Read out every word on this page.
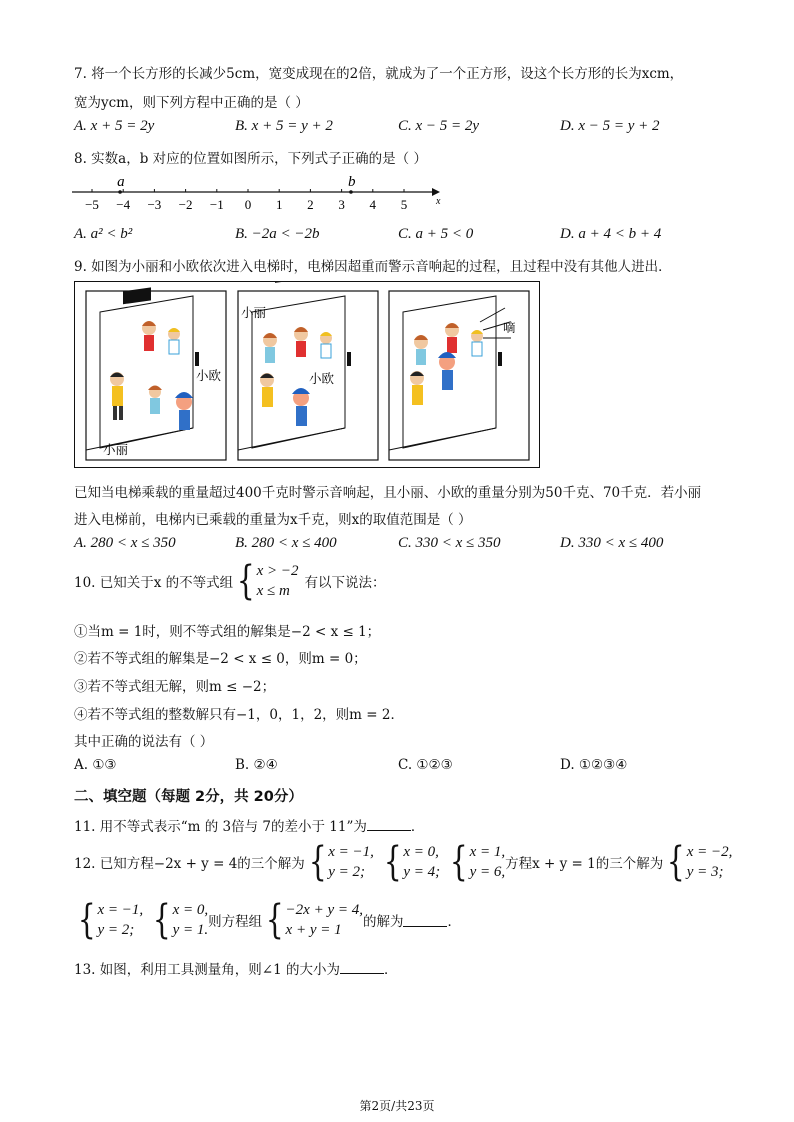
7. 将一个长方形的长减少5cm，宽变成现在的2倍，就成为了一个正方形，设这个长方形的长为xcm，
宽为ycm，则下列方程中正确的是（ ）
A. x + 5 = 2y	B. x + 5 = y + 2	C. x − 5 = 2y	D. x − 5 = y + 2
8. 实数a，b 对应的位置如图所示，下列式子正确的是（ ）
−5 −4 −3 −2 −1 0 1 2 3 4 5	x
a	b
A. a² < b²	B. −2a < −2b	C. a + 5 < 0	D. a + 4 < b + 4
9. 如图为小丽和小欧依次进入电梯时，电梯因超重而警示音响起的过程，且过程中没有其他人进出．
小欧
小丽
小丽
小欧
嘀
已知当电梯乘载的重量超过400千克时警示音响起，且小丽、小欧的重量分别为50千克、70千克．若小丽
进入电梯前，电梯内已乘载的重量为x千克，则x的取值范围是（ ）
A. 280 < x ≤ 350	B. 280 < x ≤ 400	C. 330 < x ≤ 350	D. 330 < x ≤ 400
10. 已知关于x 的不等式组 { x > −2
x ≤ m	有以下说法：
①当m = 1时，则不等式组的解集是−2 < x ≤ 1；
②若不等式组的解集是−2 < x ≤ 0，则m = 0；
③若不等式组无解，则m ≤ −2；
④若不等式组的整数解只有−1，0，1，2，则m = 2．
其中正确的说法有（ ）
A. ①③	B. ②④	C. ①②③	D. ①②③④
二、填空题（每题 2分，共 20分）
11. 用不等式表示“m 的 3倍与 7的差小于 11”为	．
12. 已知方程−2x + y = 4的三个解为 { x = −1,
y = 2; { x = 0,
y = 4; { x = 1,
y = 6, 方程x + y = 1的三个解为 { x = −2,
y = 3;
{ x = −1,
y = 2; { x = 0,
y = 1. 则方程组 { −2x + y = 4,
x + y = 1	的解为	．
13. 如图，利用工具测量角，则∠1 的大小为	．
第2页/共23页
